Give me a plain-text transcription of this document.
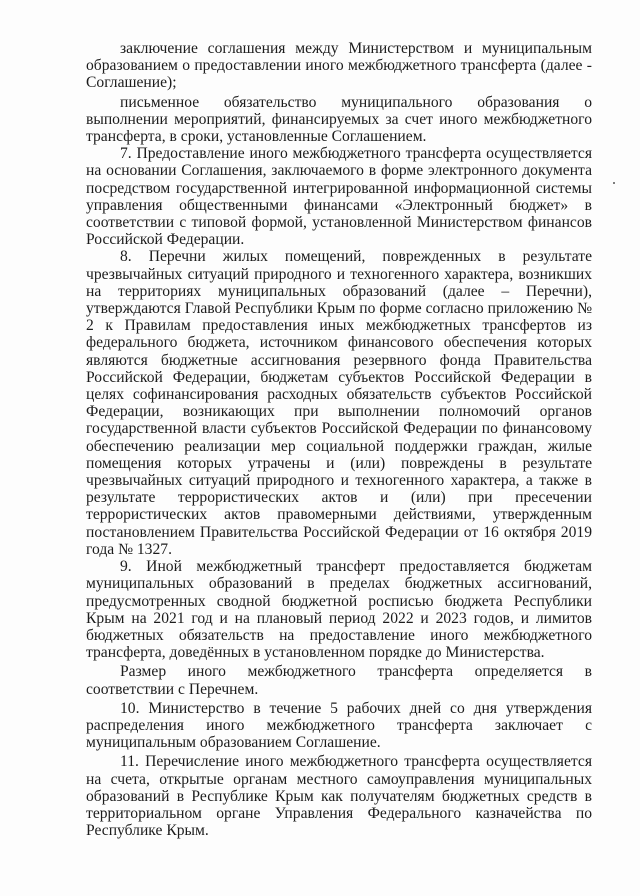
заключение соглашения между Министерством и муниципальным образованием о предоставлении иного межбюджетного трансферта (далее - Соглашение);

письменное обязательство муниципального образования о выполнении мероприятий, финансируемых за счет иного межбюджетного трансферта, в сроки, установленные Соглашением.

7. Предоставление иного межбюджетного трансферта осуществляется на основании Соглашения, заключаемого в форме электронного документа посредством государственной интегрированной информационной системы управления общественными финансами «Электронный бюджет» в соответствии с типовой формой, установленной Министерством финансов Российской Федерации.

8. Перечни жилых помещений, поврежденных в результате чрезвычайных ситуаций природного и техногенного характера, возникших на территориях муниципальных образований (далее – Перечни), утверждаются Главой Республики Крым по форме согласно приложению № 2 к Правилам предоставления иных межбюджетных трансфертов из федерального бюджета, источником финансового обеспечения которых являются бюджетные ассигнования резервного фонда Правительства Российской Федерации, бюджетам субъектов Российской Федерации в целях софинансирования расходных обязательств субъектов Российской Федерации, возникающих при выполнении полномочий органов государственной власти субъектов Российской Федерации по финансовому обеспечению реализации мер социальной поддержки граждан, жилые помещения которых утрачены и (или) повреждены в результате чрезвычайных ситуаций природного и техногенного характера, а также в результате террористических актов и (или) при пресечении террористических актов правомерными действиями, утвержденным постановлением Правительства Российской Федерации от 16 октября 2019 года № 1327.

9. Иной межбюджетный трансферт предоставляется бюджетам муниципальных образований в пределах бюджетных ассигнований, предусмотренных сводной бюджетной росписью бюджета Республики Крым на 2021 год и на плановый период 2022 и 2023 годов, и лимитов бюджетных обязательств на предоставление иного межбюджетного трансферта, доведённых в установленном порядке до Министерства.

Размер иного межбюджетного трансферта определяется в соответствии с Перечнем.

10. Министерство в течение 5 рабочих дней со дня утверждения распределения иного межбюджетного трансферта заключает с муниципальным образованием Соглашение.

11. Перечисление иного межбюджетного трансферта осуществляется на счета, открытые органам местного самоуправления муниципальных образований в Республике Крым как получателям бюджетных средств в территориальном органе Управления Федерального казначейства по Республике Крым.
